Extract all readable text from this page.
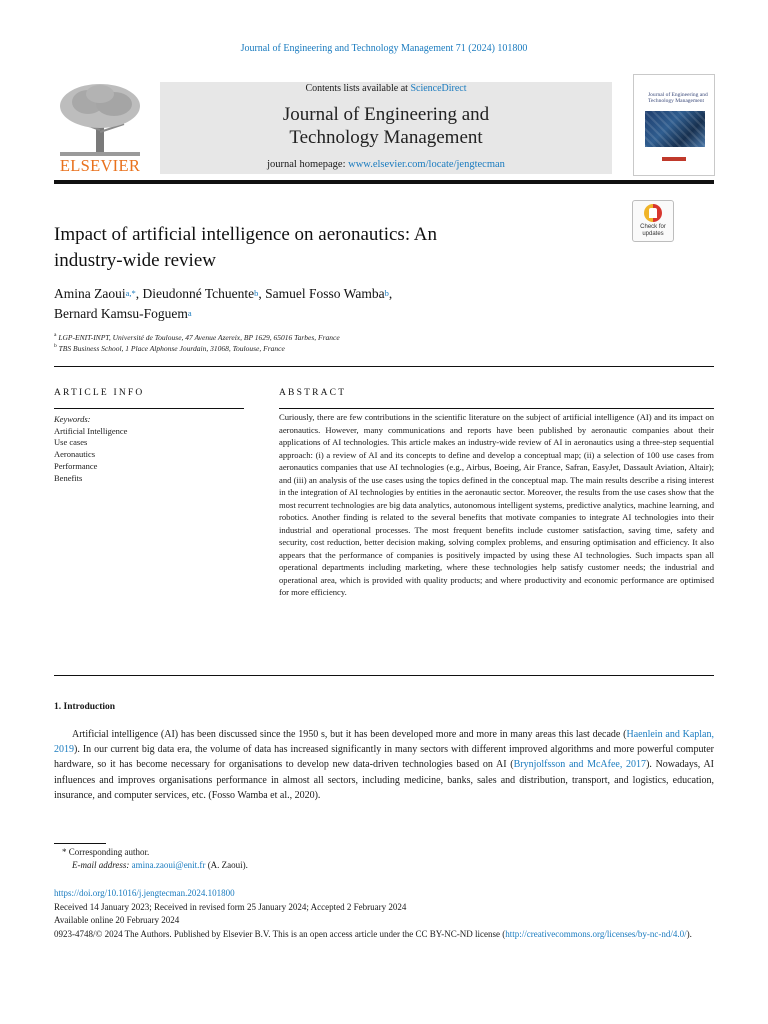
Journal of Engineering and Technology Management 71 (2024) 101800
ELSEVIER
Contents lists available at ScienceDirect
Journal of Engineering and
Technology Management
journal homepage: www.elsevier.com/locate/jengtecman
Journal of Engineering and Technology Management
Check for updates
Impact of artificial intelligence on aeronautics: An
industry-wide review
Amina Zaoui$^{a,*}$, Dieudonné Tchuente$^b$, Samuel Fosso Wamba$^b$,
Bernard Kamsu-Foguem$^a$
$^a$ LGP-ENIT-INPT, Université de Toulouse, 47 Avenue Azereix, BP 1629, 65016 Tarbes, France
$^b$ TBS Business School, 1 Place Alphonse Jourdain, 31068, Toulouse, France
ARTICLE INFO
Keywords:
Artificial Intelligence
Use cases
Aeronautics
Performance
Benefits
ABSTRACT
Curiously, there are few contributions in the scientific literature on the subject of artificial intelligence (AI) and its impact on aeronautics. However, many communications and reports have been published by aeronautic companies about their applications of AI technologies. This article makes an industry-wide review of AI in aeronautics using a three-step sequential approach: (i) a review of AI and its concepts to define and develop a conceptual map; (ii) a selection of 100 use cases from aeronautics companies that use AI technologies (e.g., Airbus, Boeing, Air France, Safran, EasyJet, Dassault Aviation, Altair); and (iii) an analysis of the use cases using the topics defined in the conceptual map. The main results describe a rising interest in the integration of AI technologies by entities in the aeronautic sector. Moreover, the results from the use cases show that the most recurrent technologies are big data analytics, autonomous intelligent systems, predictive analytics, machine learning, and robotics. Another finding is related to the several benefits that motivate companies to integrate AI technologies into their industrial and operational processes. The most frequent benefits include customer satisfaction, saving time, safety and security, cost reduction, better decision making, solving complex problems, and ensuring optimisation and efficiency. It also appears that the performance of companies is positively impacted by using these AI technologies. Such impacts span all operational departments including marketing, where these technologies help satisfy customer needs; the industrial and operational area, which is provided with quality products; and where productivity and economic performance are optimised for more efficiency.
1. Introduction
Artificial intelligence (AI) has been discussed since the 1950 s, but it has been developed more and more in many areas this last decade (Haenlein and Kaplan, 2019). In our current big data era, the volume of data has increased significantly in many sectors with different improved algorithms and more powerful computer hardware, so it has become necessary for organisations to develop new data-driven technologies based on AI (Brynjolfsson and McAfee, 2017). Nowadays, AI influences and improves organisations performance in almost all sectors, including medicine, banks, sales and distribution, transport, and logistics, education, insurance, and computer services, etc. (Fosso Wamba et al., 2020).
* Corresponding author.
E-mail address: amina.zaoui@enit.fr (A. Zaoui).
https://doi.org/10.1016/j.jengtecman.2024.101800
Received 14 January 2023; Received in revised form 25 January 2024; Accepted 2 February 2024
Available online 20 February 2024
0923-4748/© 2024 The Authors. Published by Elsevier B.V. This is an open access article under the CC BY-NC-ND license (http://creativecommons.org/licenses/by-nc-nd/4.0/).
